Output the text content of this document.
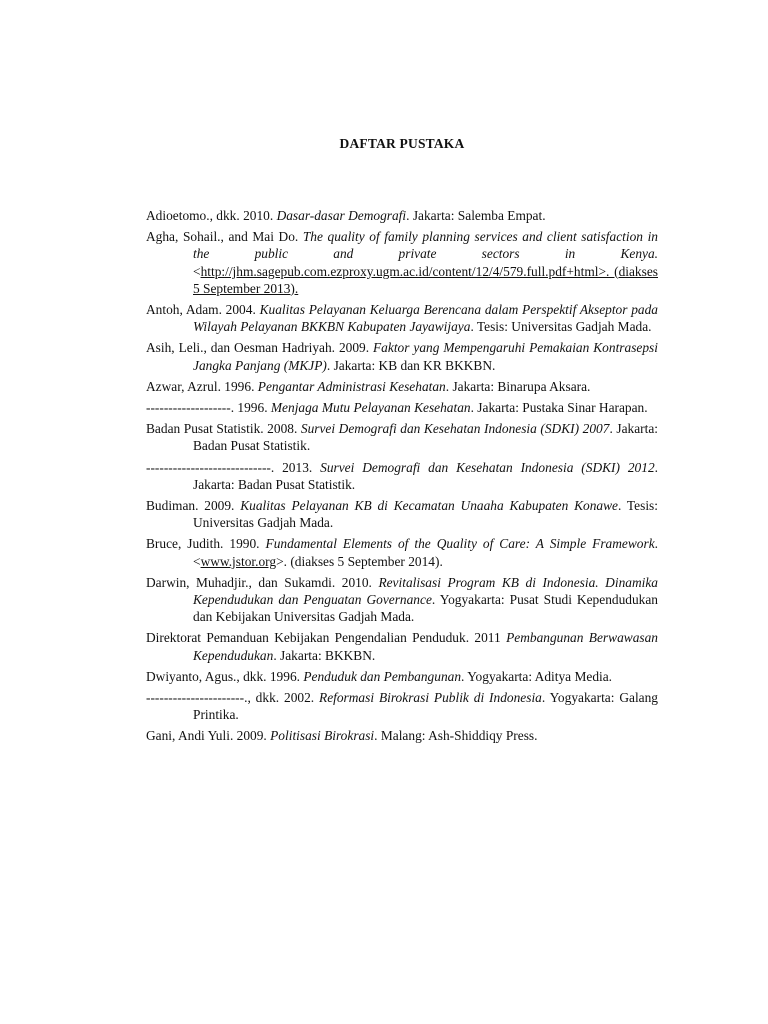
DAFTAR PUSTAKA

Adioetomo., dkk. 2010. Dasar-dasar Demografi. Jakarta: Salemba Empat.

Agha, Sohail., and Mai Do. The quality of family planning services and client satisfaction in the public and private sectors in Kenya. <http://jhm.sagepub.com.ezproxy.ugm.ac.id/content/12/4/579.full.pdf+html>. (diakses 5 September 2013).

Antoh, Adam. 2004. Kualitas Pelayanan Keluarga Berencana dalam Perspektif Akseptor pada Wilayah Pelayanan BKKBN Kabupaten Jayawijaya. Tesis: Universitas Gadjah Mada.

Asih, Leli., dan Oesman Hadriyah. 2009. Faktor yang Mempengaruhi Pemakaian Kontrasepsi Jangka Panjang (MKJP). Jakarta: KB dan KR BKKBN.

Azwar, Azrul. 1996. Pengantar Administrasi Kesehatan. Jakarta: Binarupa Aksara.

-------------------. 1996. Menjaga Mutu Pelayanan Kesehatan. Jakarta: Pustaka Sinar Harapan.

Badan Pusat Statistik. 2008. Survei Demografi dan Kesehatan Indonesia (SDKI) 2007. Jakarta: Badan Pusat Statistik.

----------------------------. 2013. Survei Demografi dan Kesehatan Indonesia (SDKI) 2012. Jakarta: Badan Pusat Statistik.

Budiman. 2009. Kualitas Pelayanan KB di Kecamatan Unaaha Kabupaten Konawe. Tesis: Universitas Gadjah Mada.

Bruce, Judith. 1990. Fundamental Elements of the Quality of Care: A Simple Framework. <www.jstor.org>. (diakses 5 September 2014).

Darwin, Muhadjir., dan Sukamdi. 2010. Revitalisasi Program KB di Indonesia. Dinamika Kependudukan dan Penguatan Governance. Yogyakarta: Pusat Studi Kependudukan dan Kebijakan Universitas Gadjah Mada.

Direktorat Pemanduan Kebijakan Pengendalian Penduduk. 2011 Pembangunan Berwawasan Kependudukan. Jakarta: BKKBN.

Dwiyanto, Agus., dkk. 1996. Penduduk dan Pembangunan. Yogyakarta: Aditya Media.

----------------------., dkk. 2002. Reformasi Birokrasi Publik di Indonesia. Yogyakarta: Galang Printika.

Gani, Andi Yuli. 2009. Politisasi Birokrasi. Malang: Ash-Shiddiqy Press.
